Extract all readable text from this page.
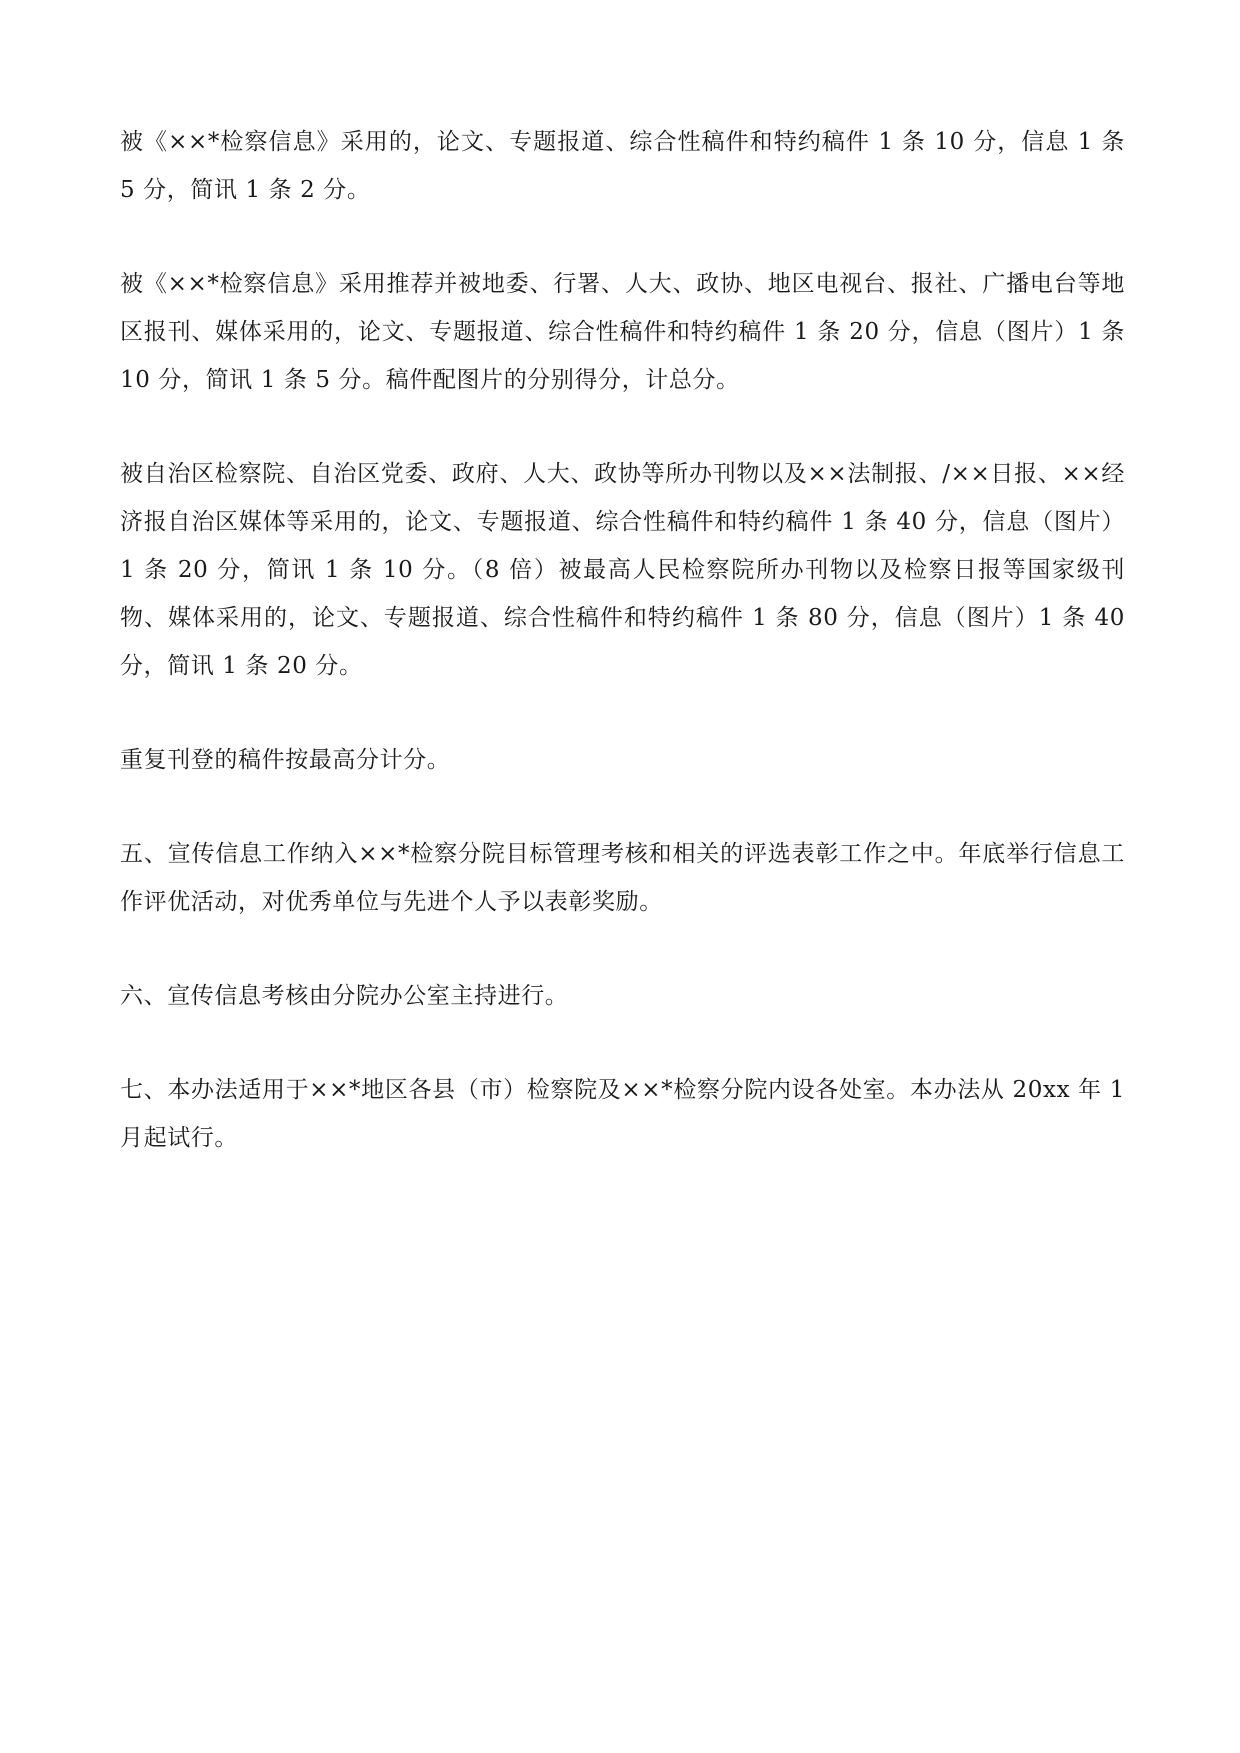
被《××*检察信息》采用的，论文、专题报道、综合性稿件和特约稿件 1 条 10 分，信息 1 条 5 分，简讯 1 条 2 分。

被《××*检察信息》采用推荐并被地委、行署、人大、政协、地区电视台、报社、广播电台等地区报刊、媒体采用的，论文、专题报道、综合性稿件和特约稿件 1 条 20 分，信息（图片）1 条 10 分，简讯 1 条 5 分。稿件配图片的分别得分，计总分。

被自治区检察院、自治区党委、政府、人大、政协等所办刊物以及××法制报、/××日报、××经济报自治区媒体等采用的，论文、专题报道、综合性稿件和特约稿件 1 条 40 分，信息（图片）1 条 20 分，简讯 1 条 10 分。（8 倍）被最高人民检察院所办刊物以及检察日报等国家级刊物、媒体采用的，论文、专题报道、综合性稿件和特约稿件 1 条 80 分，信息（图片）1 条 40 分，简讯 1 条 20 分。

重复刊登的稿件按最高分计分。

五、宣传信息工作纳入××*检察分院目标管理考核和相关的评选表彰工作之中。年底举行信息工作评优活动，对优秀单位与先进个人予以表彰奖励。

六、宣传信息考核由分院办公室主持进行。

七、本办法适用于××*地区各县（市）检察院及××*检察分院内设各处室。本办法从 20xx 年 1 月起试行。
